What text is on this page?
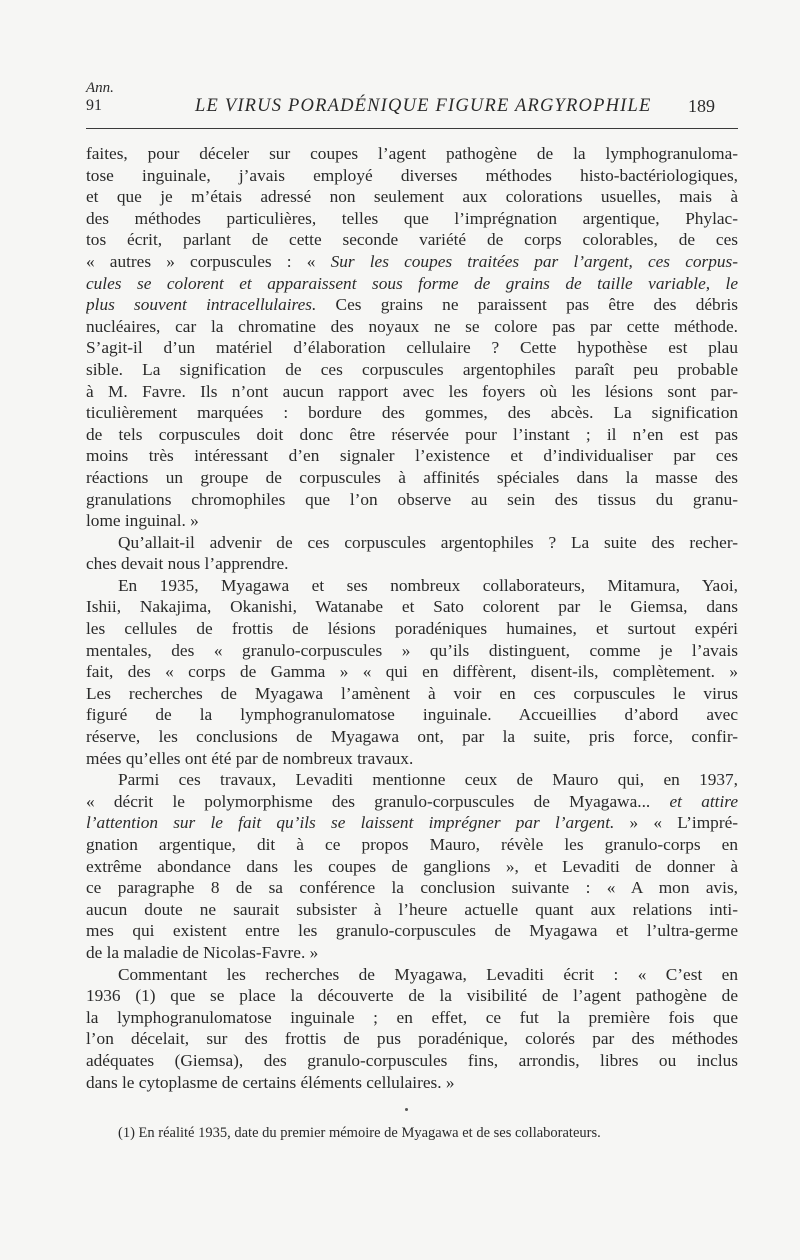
Ann.
91	LE VIRUS PORADÉNIQUE FIGURE ARGYROPHILE 189
faites, pour déceler sur coupes l’agent pathogène de la lymphogranuloma-
tose inguinale, j’avais employé diverses méthodes histo-bactériologiques,
et que je m’étais adressé non seulement aux colorations usuelles, mais à
des méthodes particulières, telles que l’imprégnation argentique, Phylac-
tos écrit, parlant de cette seconde variété de corps colorables, de ces
« autres » corpuscules : « Sur les coupes traitées par l’argent, ces corpus-
cules se colorent et apparaissent sous forme de grains de taille variable, le
plus souvent intracellulaires. Ces grains ne paraissent pas être des débris
nucléaires, car la chromatine des noyaux ne se colore pas par cette méthode.
S’agit-il d’un matériel d’élaboration cellulaire ? Cette hypothèse est plau
sible. La signification de ces corpuscules argentophiles paraît peu probable
à M. Favre. Ils n’ont aucun rapport avec les foyers où les lésions sont par-
ticulièrement marquées : bordure des gommes, des abcès. La signification
de tels corpuscules doit donc être réservée pour l’instant ; il n’en est pas
moins très intéressant d’en signaler l’existence et d’individualiser par ces
réactions un groupe de corpuscules à affinités spéciales dans la masse des
granulations chromophiles que l’on observe au sein des tissus du granu-
lome inguinal. »
Qu’allait-il advenir de ces corpuscules argentophiles ? La suite des recher-
ches devait nous l’apprendre.
En 1935, Myagawa et ses nombreux collaborateurs, Mitamura, Yaoi,
Ishii, Nakajima, Okanishi, Watanabe et Sato colorent par le Giemsa, dans
les cellules de frottis de lésions poradéniques humaines, et surtout expéri
mentales, des « granulo-corpuscules » qu’ils distinguent, comme je l’avais
fait, des « corps de Gamma » « qui en diffèrent, disent-ils, complètement. »
Les recherches de Myagawa l’amènent à voir en ces corpuscules le virus
figuré de la lymphogranulomatose inguinale. Accueillies d’abord avec
réserve, les conclusions de Myagawa ont, par la suite, pris force, confir-
mées qu’elles ont été par de nombreux travaux.
Parmi ces travaux, Levaditi mentionne ceux de Mauro qui, en 1937,
« décrit le polymorphisme des granulo-corpuscules de Myagawa... et attire
l’attention sur le fait qu’ils se laissent imprégner par l’argent. » « L’impré-
gnation argentique, dit à ce propos Mauro, révèle les granulo-corps en
extrême abondance dans les coupes de ganglions », et Levaditi de donner à
ce paragraphe 8 de sa conférence la conclusion suivante : « A mon avis,
aucun doute ne saurait subsister à l’heure actuelle quant aux relations inti-
mes qui existent entre les granulo-corpuscules de Myagawa et l’ultra-germe
de la maladie de Nicolas-Favre. »
Commentant les recherches de Myagawa, Levaditi écrit : « C’est en
1936 (1) que se place la découverte de la visibilité de l’agent pathogène de
la lymphogranulomatose inguinale ; en effet, ce fut la première fois que
l’on décelait, sur des frottis de pus poradénique, colorés par des méthodes
adéquates (Giemsa), des granulo-corpuscules fins, arrondis, libres ou inclus
dans le cytoplasme de certains éléments cellulaires. »
(1) En réalité 1935, date du premier mémoire de Myagawa et de ses collaborateurs.
